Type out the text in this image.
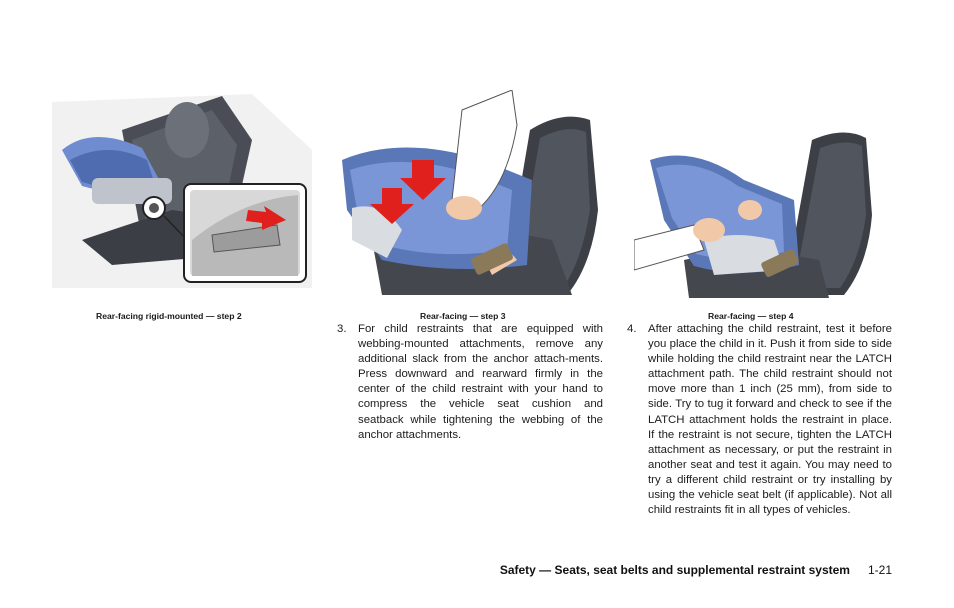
Rear-facing rigid-mounted — step 2	Rear-facing — step 3	Rear-facing — step 4
3. For child restraints that are equipped with webbing-mounted attachments, remove any additional slack from the anchor attach-ments. Press downward and rearward firmly in the center of the child restraint with your hand to compress the vehicle seat cushion and seatback while tightening the webbing of the anchor attachments.
4. After attaching the child restraint, test it before you place the child in it. Push it from side to side while holding the child restraint near the LATCH attachment path. The child restraint should not move more than 1 inch (25 mm), from side to side. Try to tug it forward and check to see if the LATCH attachment holds the restraint in place. If the restraint is not secure, tighten the LATCH attachment as necessary, or put the restraint in another seat and test it again. You may need to try a different child restraint or try installing by using the vehicle seat belt (if applicable). Not all child restraints fit in all types of vehicles.
Safety — Seats, seat belts and supplemental restraint system 1-21
